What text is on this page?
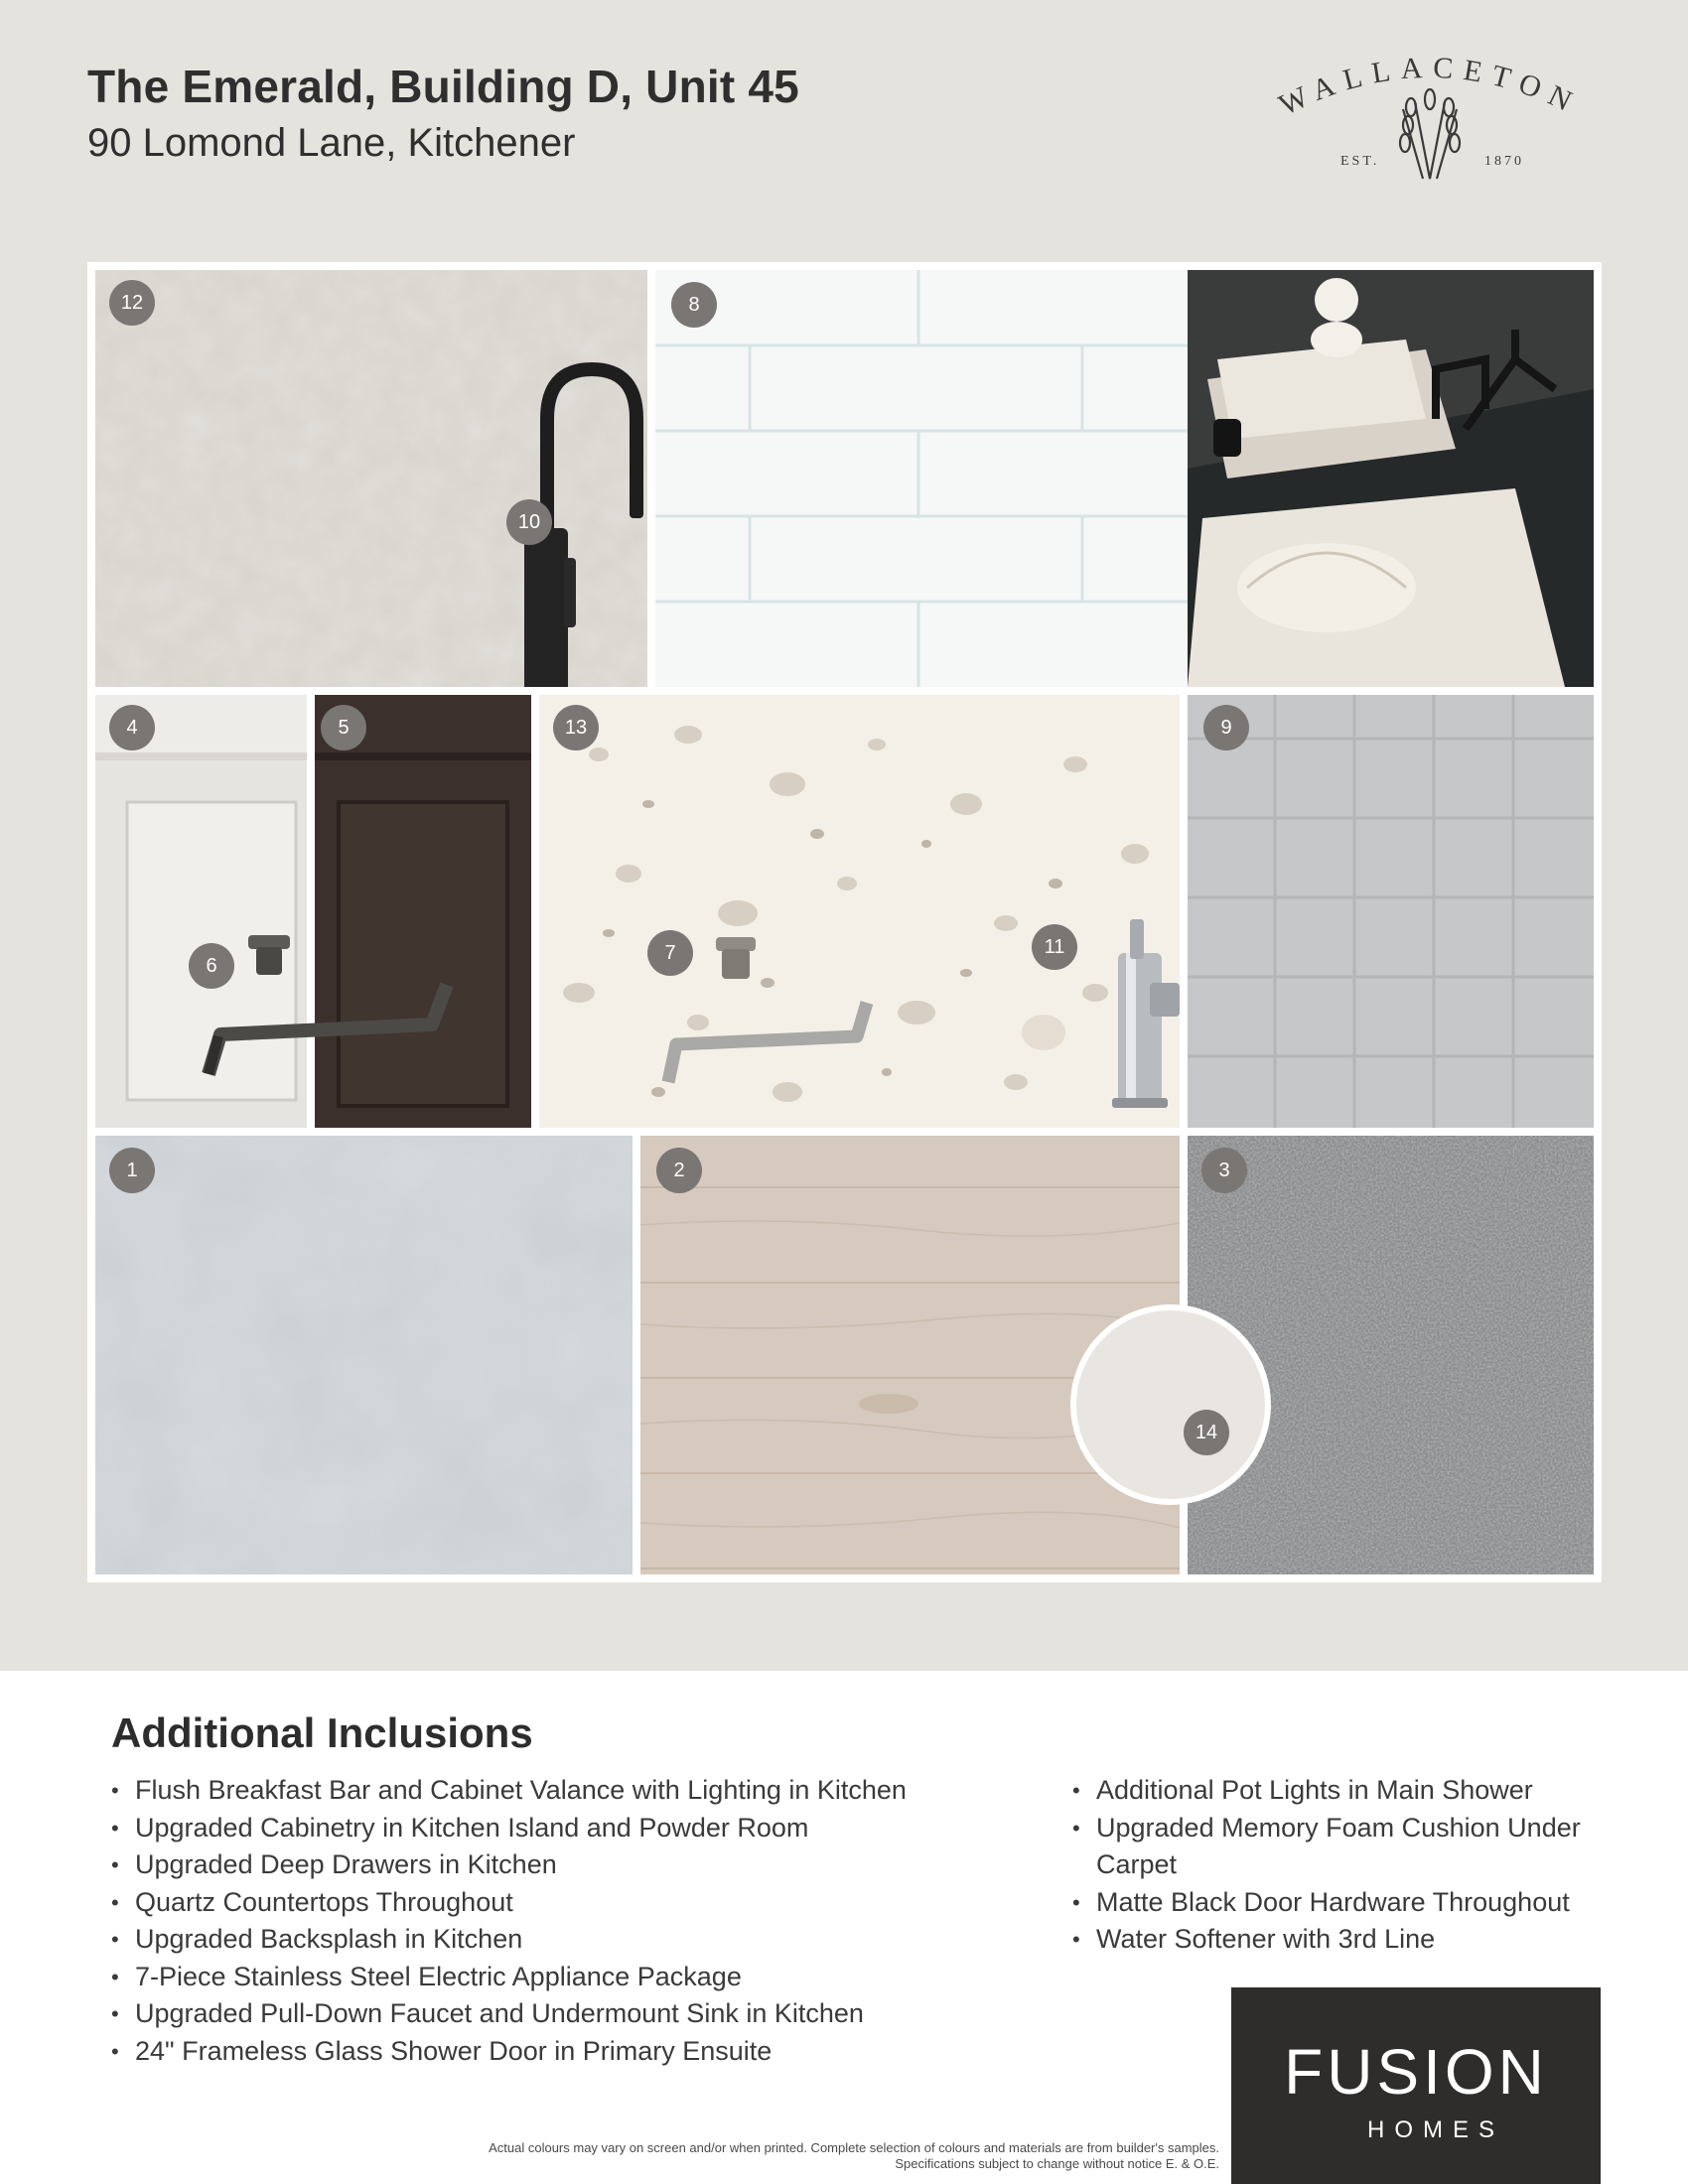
The Emerald, Building D, Unit 45
90 Lomond Lane, Kitchener
WALLACETON
EST.	1870
12
10
8
4
6
5	13
7	11
9
1	2	3
14
Additional Inclusions
• Flush Breakfast Bar and Cabinet Valance with Lighting in Kitchen
• Upgraded Cabinetry in Kitchen Island and Powder Room
• Upgraded Deep Drawers in Kitchen
• Quartz Countertops Throughout
• Upgraded Backsplash in Kitchen
• 7-Piece Stainless Steel Electric Appliance Package
• Upgraded Pull-Down Faucet and Undermount Sink in Kitchen
• 24" Frameless Glass Shower Door in Primary Ensuite
• Additional Pot Lights in Main Shower
• Upgraded Memory Foam Cushion Under Carpet
• Matte Black Door Hardware Throughout
• Water Softener with 3rd Line
FUSION
HOMES
Actual colours may vary on screen and/or when printed. Complete selection of colours and materials are from builder's samples.
Specifications subject to change without notice E. & O.E.
